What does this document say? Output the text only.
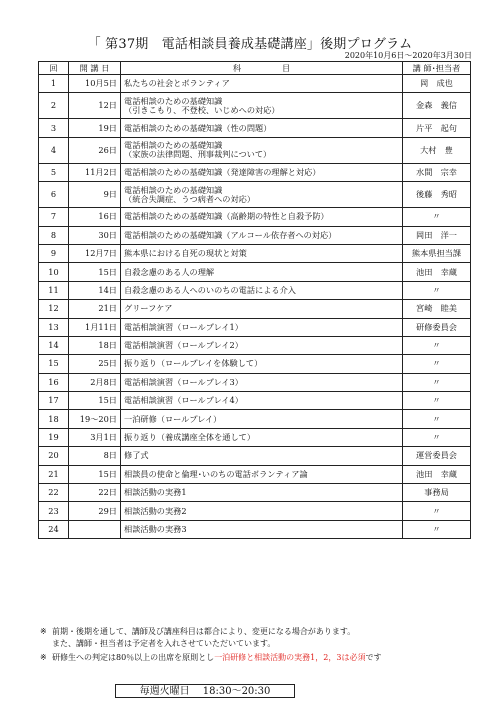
「 第37期　電話相談員養成基礎講座」後期プログラム
2020年10月6日～2020年3月30日
回	開 講 日	科　　　　　目	講 師･担当者
1	10月5日	私たちの社会とボランティア	岡　成也
2	12日	電話相談のための基礎知識
（引きこもり、不登校、いじめへの対応）	金森　義信
3	19日	電話相談のための基礎知識（性の問題）	片平　起句
4	26日	電話相談のための基礎知識
（家族の法律問題、刑事裁判について）	大村　豊
5	11月2日	電話相談のための基礎知識（発達障害の理解と対応）	水間　宗幸
6	9日	電話相談のための基礎知識
（統合失調症、うつ病者への対応）	後藤　秀昭
7	16日	電話相談のための基礎知識（高齢期の特性と自殺予防）	〃
8	30日	電話相談のための基礎知識（アルコール依存者への対応）	岡田　洋一
9	12月7日	熊本県における自死の現状と対策	熊本県担当課
10	15日	自殺念慮のある人の理解	池田　幸蔵
11	14日	自殺念慮のある人へのいのちの電話による介入	〃
12	21日	グリーフケア	宮崎　睦美
13	1月11日	電話相談演習（ロールプレイ1）	研修委員会
14	18日	電話相談演習（ロールプレイ2）	〃
15	25日	振り返り（ロールプレイを体験して）	〃
16	2月8日	電話相談演習（ロールプレイ3）	〃
17	15日	電話相談演習（ロールプレイ4）	〃
18	19～20日	一泊研修（ロールプレイ）	〃
19	3月1日	振り返り（養成講座全体を通して）	〃
20	8日	修了式	運営委員会
21	15日	相談員の使命と倫理･いのちの電話ボランティア論	池田　幸蔵
22	22日	相談活動の実務1	事務局
23	29日	相談活動の実務2	〃
24		相談活動の実務3	〃
※ 前期・後期を通して、講師及び講座科目は都合により、変更になる場合があります。
また、講師・担当者は予定者を入れさせていただいています。
※ 研修生への判定は80％以上の出席を原則とし一泊研修と相談活動の実務1，2，3は必須です
毎週火曜日　 18:30～20:30
